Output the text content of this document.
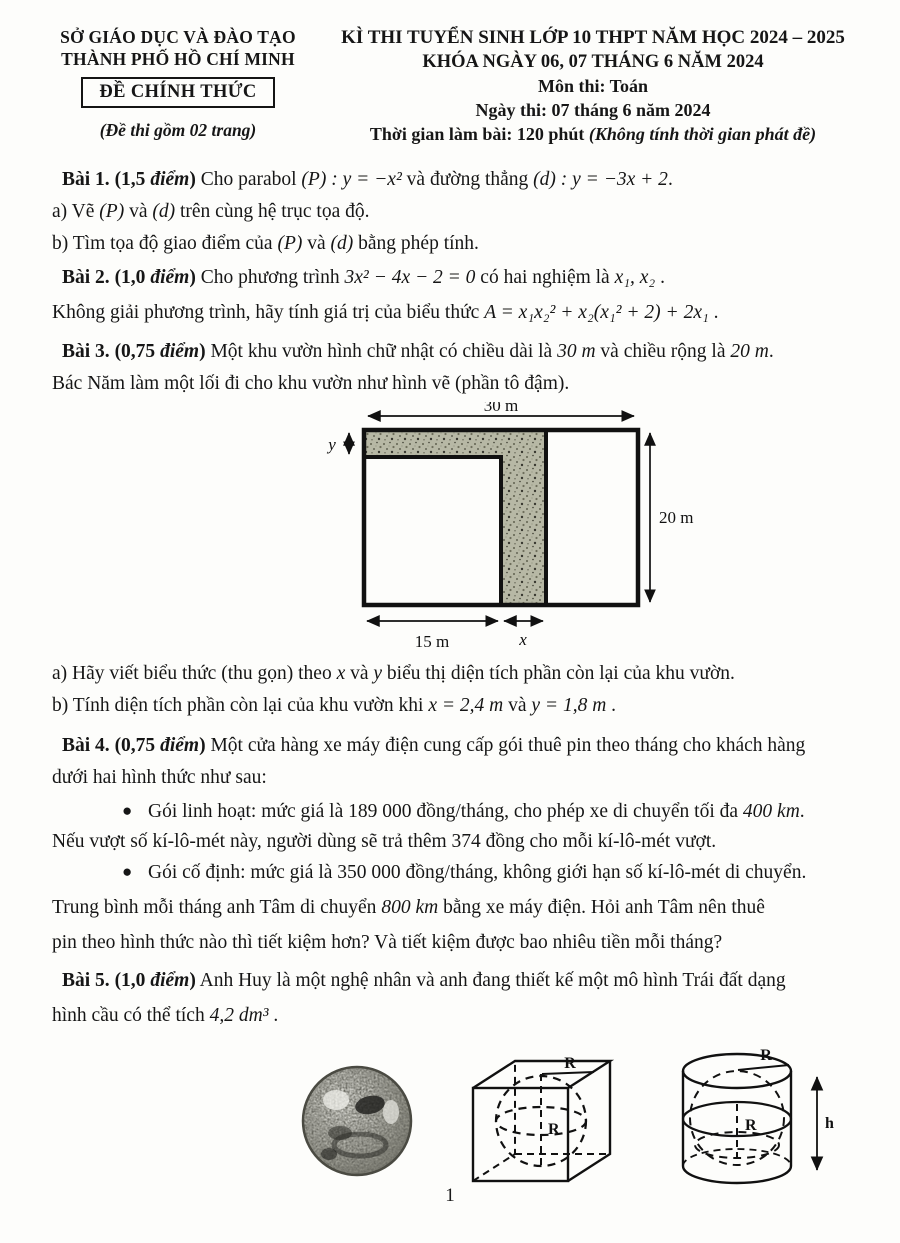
SỞ GIÁO DỤC VÀ ĐÀO TẠO
THÀNH PHỐ HỒ CHÍ MINH
ĐỀ CHÍNH THỨC
(Đề thi gồm 02 trang)
KÌ THI TUYỂN SINH LỚP 10 THPT NĂM HỌC 2024 – 2025
KHÓA NGÀY 06, 07 THÁNG 6 NĂM 2024
Môn thi: Toán
Ngày thi: 07 tháng 6 năm 2024
Thời gian làm bài: 120 phút (Không tính thời gian phát đề)

Bài 1. (1,5 điểm) Cho parabol (P) : y = −x² và đường thẳng (d) : y = −3x + 2.

a) Vẽ (P) và (d) trên cùng hệ trục tọa độ.

b) Tìm tọa độ giao điểm của (P) và (d) bằng phép tính.

Bài 2. (1,0 điểm) Cho phương trình 3x² − 4x − 2 = 0 có hai nghiệm là x₁, x₂ .

Không giải phương trình, hãy tính giá trị của biểu thức A = x₁x₂² + x₂(x₁² + 2) + 2x₁ .

Bài 3. (0,75 điểm) Một khu vườn hình chữ nhật có chiều dài là 30 m và chiều rộng là 20 m.

Bác Năm làm một lối đi cho khu vườn như hình vẽ (phần tô đậm).

30 m
y
20 m
15 m	x

a) Hãy viết biểu thức (thu gọn) theo x và y biểu thị diện tích phần còn lại của khu vườn.

b) Tính diện tích phần còn lại của khu vườn khi x = 2,4 m và y = 1,8 m .

Bài 4. (0,75 điểm) Một cửa hàng xe máy điện cung cấp gói thuê pin theo tháng cho khách hàng

dưới hai hình thức như sau:

● Gói linh hoạt: mức giá là 189 000 đồng/tháng, cho phép xe di chuyển tối đa 400 km.

Nếu vượt số kí-lô-mét này, người dùng sẽ trả thêm 374 đồng cho mỗi kí-lô-mét vượt.

● Gói cố định: mức giá là 350 000 đồng/tháng, không giới hạn số kí-lô-mét di chuyển.

Trung bình mỗi tháng anh Tâm di chuyển 800 km bằng xe máy điện. Hỏi anh Tâm nên thuê

pin theo hình thức nào thì tiết kiệm hơn? Và tiết kiệm được bao nhiêu tiền mỗi tháng?

Bài 5. (1,0 điểm) Anh Huy là một nghệ nhân và anh đang thiết kế một mô hình Trái đất dạng

hình cầu có thể tích 4,2 dm³ .

R
R
R
R	h
1
